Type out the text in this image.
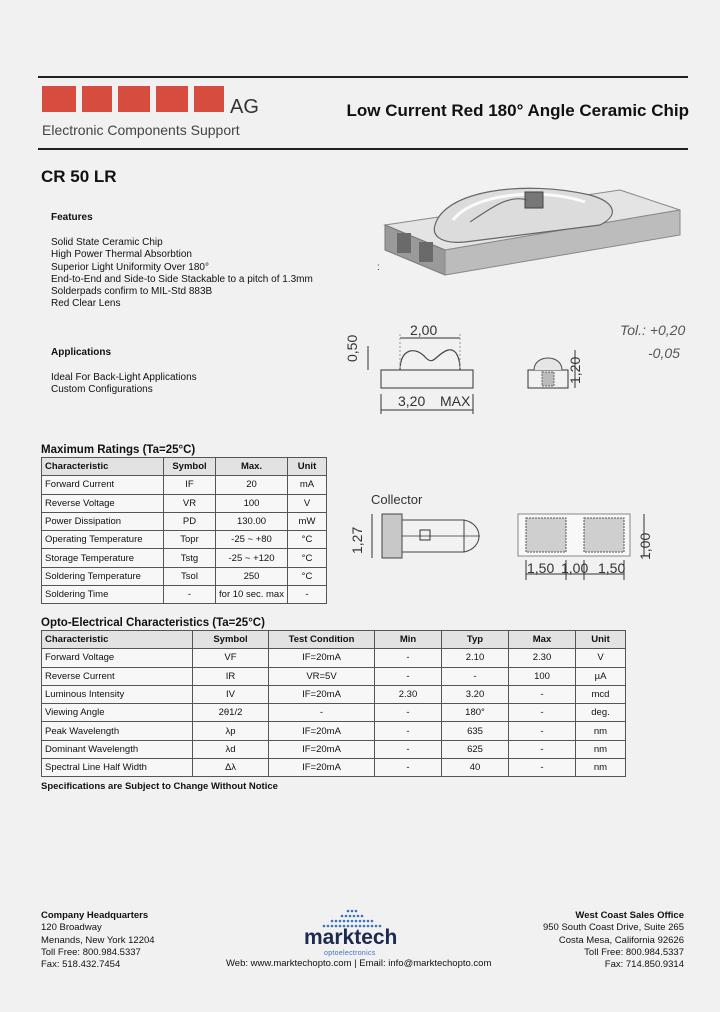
AG
Electronic Components Support
Low Current Red 180° Angle Ceramic Chip
CR 50 LR
Features
Solid State Ceramic Chip
High Power Thermal Absorbtion
Superior Light Uniformity Over 180°
End-to-End and Side-to Side Stackable to a pitch of 1.3mm
Solderpads confirm to MIL-Std 883B
Red Clear Lens
Applications
Ideal For Back-Light Applications
Custom Configurations
:
2,00
0,50
3,20 MAX
1,20
Tol.: +0,20
-0,05
Collector
1,27	1,00
1,50 1,00 1,50
Maximum Ratings (Ta=25°C)
Characteristic	Symbol	Max.	Unit
Forward Current	IF	20	mA
Reverse Voltage	VR	100	V
Power Dissipation	PD	130.00	mW
Operating Temperature	Topr	-25 ~ +80	°C
Storage Temperature	Tstg	-25 ~ +120	°C
Soldering Temperature	Tsol	250	°C
Soldering Time	-	for 10 sec. max	-
Opto-Electrical Characteristics (Ta=25°C)
Characteristic	Symbol	Test Condition	Min	Typ	Max	Unit
Forward Voltage	VF	IF=20mA	-	2.10	2.30	V
Reverse Current	IR	VR=5V	-	-	100	µA
Luminous Intensity	IV	IF=20mA	2.30	3.20	-	mcd
Viewing Angle	2θ1/2	-	-	180°	-	deg.
Peak Wavelength	λp	IF=20mA	-	635	-	nm
Dominant Wavelength	λd	IF=20mA	-	625	-	nm
Spectral Line Half Width	Δλ	IF=20mA	-	40	-	nm
Specifications are Subject to Change Without Notice
Company Headquarters
120 Broadway
Menands, New York 12204
Toll Free: 800.984.5337
Fax: 518.432.7454
West Coast Sales Office
950 South Coast Drive, Suite 265
Costa Mesa, California 92626
Toll Free: 800.984.5337
Fax: 714.850.9314
marktech
optoelectronics
Web: www.marktechopto.com | Email: info@marktechopto.com
